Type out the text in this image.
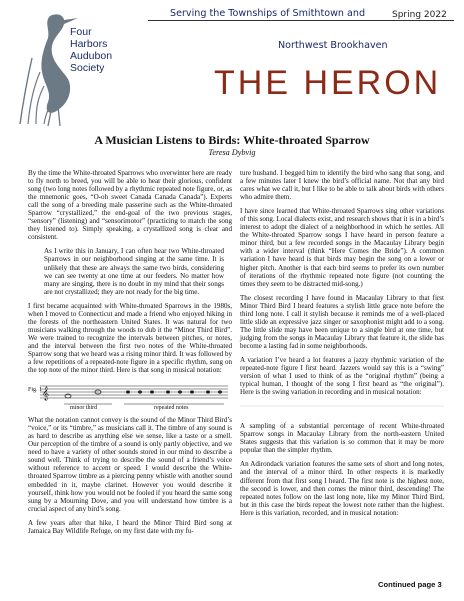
Four
Harbors
Audubon
Society
Serving the Townships of Smithtown and
Northwest Brookhaven
Spring 2022
THE HERON
A Musician Listens to Birds: White-throated Sparrow
Teresa Dybvig

By the time the White-throated Sparrows who overwinter here are ready to fly north to breed, you will be able to hear their glorious, confident song (two long notes followed by a rhythmic repeated note figure, or, as the mnemonic goes, “O-oh sweet Canada Canada Canada”). Experts call the song of a breeding male passerine such as the White-throated Sparrow “crystallized,” the end-goal of the two previous stages, “sensory” (listening) and “sensorimotor” (practicing to match the song they listened to). Simply speaking, a crystallized song is clear and consistent.

As I write this in January, I can often hear two White-throated Sparrows in our neighborhood singing at the same time. It is unlikely that these are always the same two birds, considering we can see twenty at one time at our feeders. No matter how many are singing, there is no doubt in my mind that their songs are not crystallized; they are not ready for the big time.

I first became acquainted with White-throated Sparrows in the 1980s, when I moved to Connecticut and made a friend who enjoyed hiking in the forests of the northeastern United States. It was natural for two musicians walking through the woods to dub it the “Minor Third Bird”. We were trained to recognize the intervals between pitches, or notes, and the interval between the first two notes of the White-throated Sparrow song that we heard was a rising minor third. It was followed by a few repetitions of a repeated-note figure in a specific rhythm, sung on the top note of the minor third. Here is that song in musical notation:

𝄞
Fig. 1
minor third	repeated notes

What the notation cannot convey is the sound of the Minor Third Bird’s “voice,” or its “timbre,” as musicians call it. The timbre of any sound is as hard to describe as anything else we sense, like a taste or a smell. Our perception of the timbre of a sound is only partly objective, and we need to have a variety of other sounds stored in our mind to describe a sound well. Think of trying to describe the sound of a friend’s voice without reference to accent or speed. I would describe the White-throated Sparrow timbre as a piercing penny whistle with another sound embedded in it, maybe clarinet. However you would describe it yourself, think how you would not be fooled if you heard the same song sung by a Mourning Dove, and you will understand how timbre is a crucial aspect of any bird’s song.

A few years after that hike, I heard the Minor Third Bird song at Jamaica Bay Wildlife Refuge, on my first date with my fu-

ture husband. I begged him to identify the bird who sang that song, and a few minutes later I knew the bird’s official name. Not that any bird cares what we call it, but I like to be able to talk about birds with others who admire them.

I have since learned that White-throated Sparrows sing other variations of this song. Local dialects exist, and research shows that it is in a bird’s interest to adopt the dialect of a neighborhood in which he settles. All the White-throated Sparrow songs I have heard in person feature a minor third, but a few recorded songs in the Macaulay Library begin with a wider interval (think “Here Comes the Bride”). A common variation I have heard is that birds may begin the song on a lower or higher pitch. Another is that each bird seems to prefer its own number of iterations of the rhythmic repeated note figure (not counting the times they seem to be distracted mid-song.)

The closest recording I have found in Macaulay Library to that first Minor Third Bird I heard features a stylish little grace note before the third long note. I call it stylish because it reminds me of a well-placed little slide an expressive jazz singer or saxophonist might add to a song. The little slide may have been unique to a single bird at one time, but judging from the songs in Macaulay Library that feature it, the slide has become a lasting fad in some neighborhoods.

A variation I’ve heard a lot features a jazzy rhythmic variation of the repeated-note figure I first heard. Jazzers would say this is a “swing” version of what I used to think of as the “original rhythm” (being a typical human, I thought of the song I first heard as “the original”). Here is the swing variation in recording and in musical notation:

A sampling of a substantial percentage of recent White-throated Sparrow songs in Macaulay Library from the north-eastern United States suggests that this variation is so common that it may be more popular than the simpler rhythm.

An Adirondack variation features the same sets of short and long notes, and the interval of a minor third. In other respects it is markedly different from that first song I heard. The first note is the highest note, the second is lower, and then comes the minor third, descending! The repeated notes follow on the last long note, like my Minor Third Bird, but in this case the birds repeat the lowest note rather than the highest. Here is this variation, recorded, and in musical notation:

Continued page 3
